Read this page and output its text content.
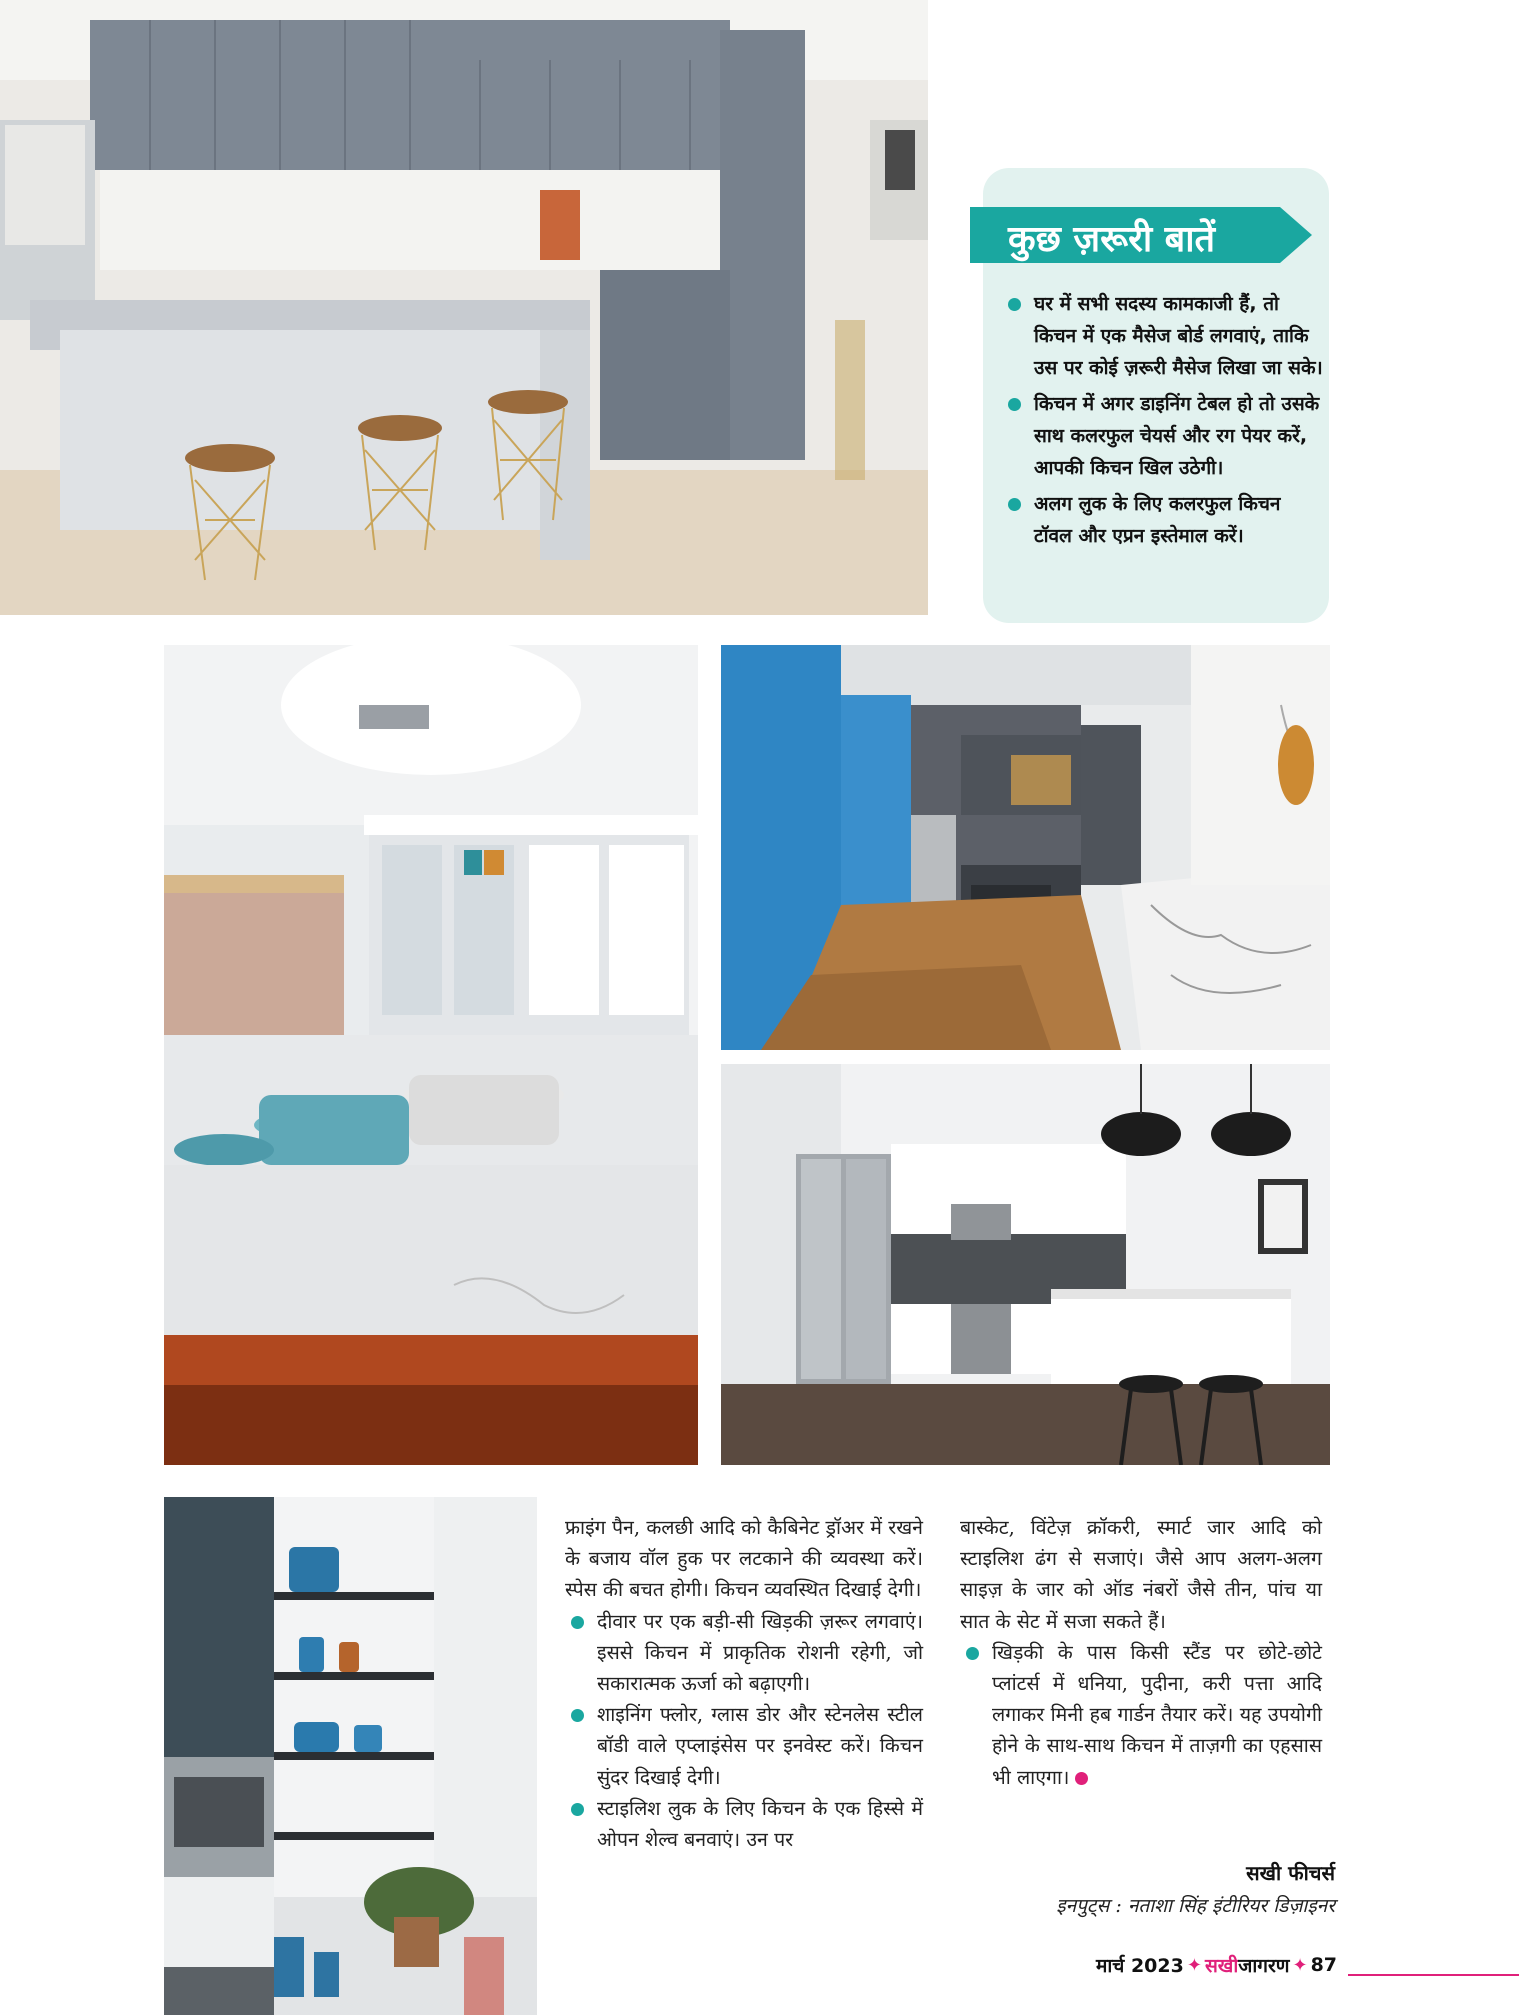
कुछ ज़रूरी बातें
घर में सभी सदस्य कामकाजी हैं, तो किचन में एक मैसेज बोर्ड लगवाएं, ताकि उस पर कोई ज़रूरी मैसेज लिखा जा सके।
किचन में अगर डाइनिंग टेबल हो तो उसके साथ कलरफुल चेयर्स और रग पेयर करें, आपकी किचन खिल उठेगी।
अलग लुक के लिए कलरफुल किचन टॉवल और एप्रन इस्तेमाल करें।

फ्राइंग पैन, कलछी आदि को कैबिनेट ड्रॉअर में रखने के बजाय वॉल हुक पर लटकाने की व्यवस्था करें। स्पेस की बचत होगी। किचन व्यवस्थित दिखाई देगी।

दीवार पर एक बड़ी-सी खिड़की ज़रूर लगवाएं। इससे किचन में प्राकृतिक रोशनी रहेगी, जो सकारात्मक ऊर्जा को बढ़ाएगी।
शाइनिंग फ्लोर, ग्लास डोर और स्टेनलेस स्टील बॉडी वाले एप्लाइंसेस पर इनवेस्ट करें। किचन सुंदर दिखाई देगी।
स्टाइलिश लुक के लिए किचन के एक हिस्से में ओपन शेल्व बनवाएं। उन पर

बास्केट, विंटेज़ क्रॉकरी, स्मार्ट जार आदि को स्टाइलिश ढंग से सजाएं। जैसे आप अलग-अलग साइज़ के जार को ऑड नंबरों जैसे तीन, पांच या सात के सेट में सजा सकते हैं।

खिड़की के पास किसी स्टैंड पर छोटे-छोटे प्लांटर्स में धनिया, पुदीना, करी पत्ता आदि लगाकर मिनी हब गार्डन तैयार करें। यह उपयोगी होने के साथ-साथ किचन में ताज़गी का एहसास भी लाएगा।
सखी फीचर्स
इनपुट्स : नताशा सिंह इंटीरियर डिज़ाइनर
मार्च 2023 ✦ सखी जागरण ✦ 87
